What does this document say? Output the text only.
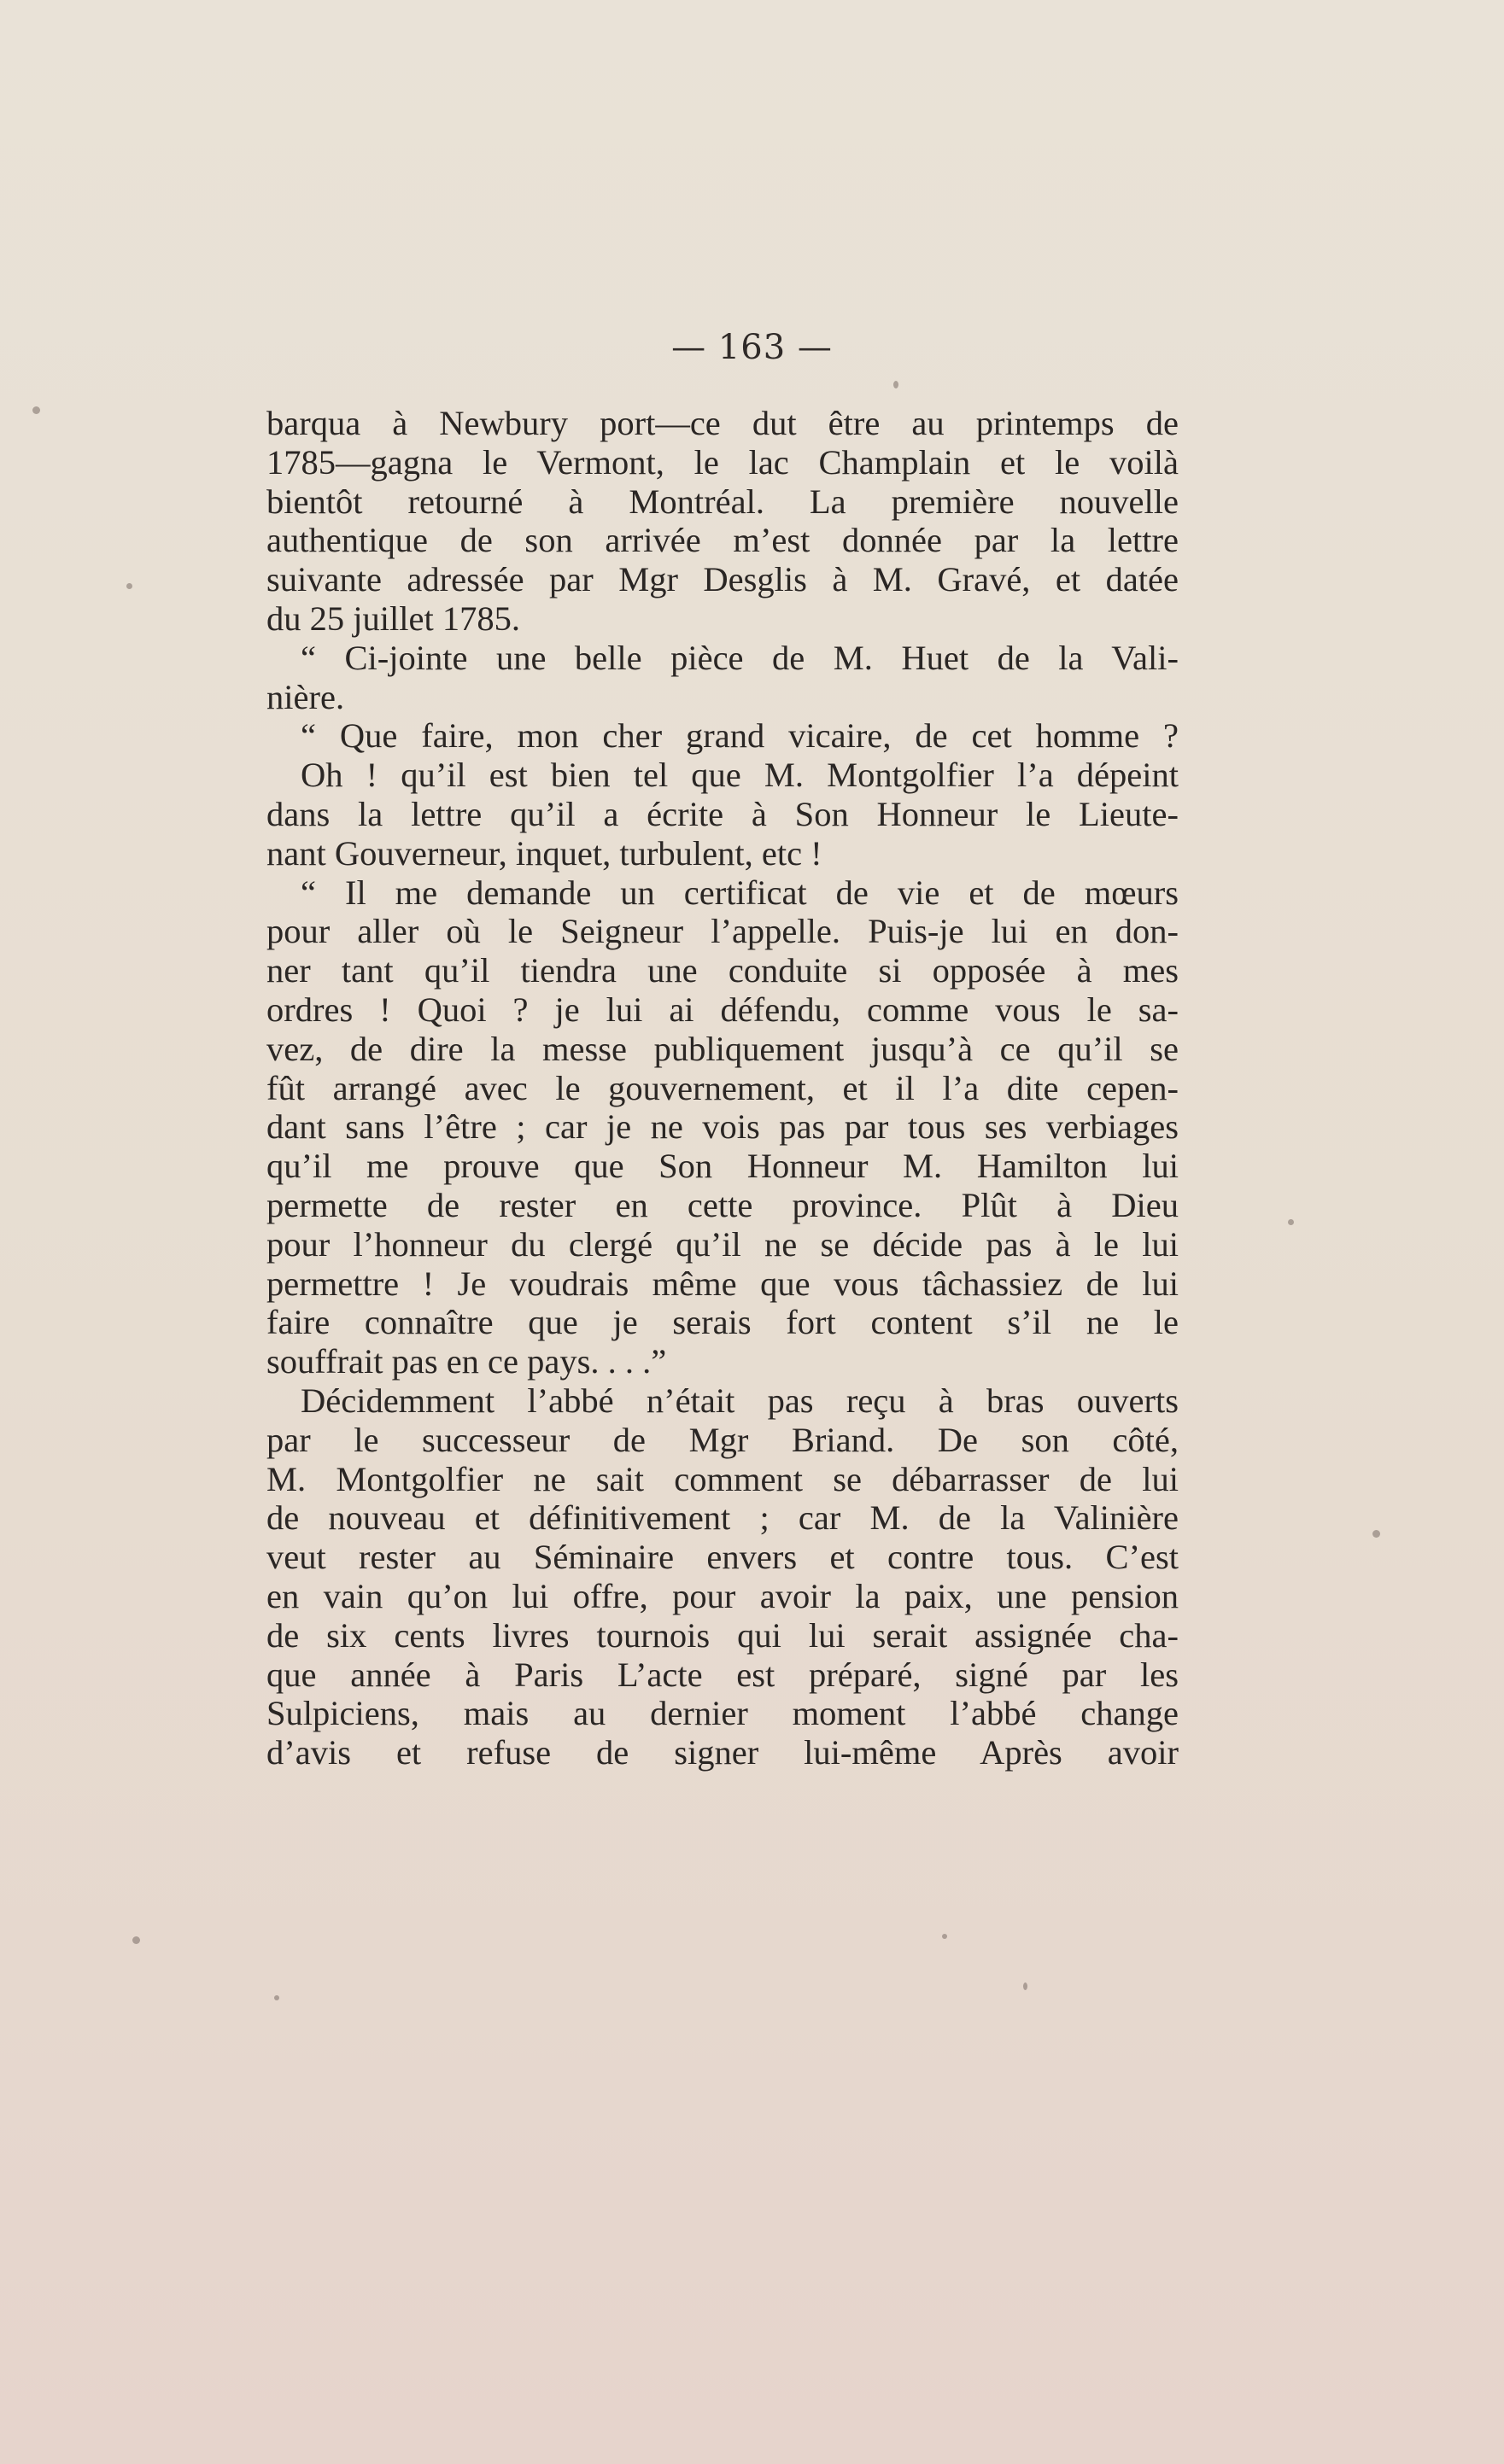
— 163 —
barqua à Newbury port—ce dut être au printemps de
1785—gagna le Vermont, le lac Champlain et le voilà
bientôt retourné à Montréal. La première nouvelle
authentique de son arrivée m’est donnée par la lettre
suivante adressée par Mgr Desglis à M. Gravé, et datée
du 25 juillet 1785.
“ Ci-jointe une belle pièce de M. Huet de la Vali-
nière.
“ Que faire, mon cher grand vicaire, de cet homme ?
Oh ! qu’il est bien tel que M. Montgolfier l’a dépeint
dans la lettre qu’il a écrite à Son Honneur le Lieute-
nant Gouverneur, inquet, turbulent, etc !
“ Il me demande un certificat de vie et de mœurs
pour aller où le Seigneur l’appelle. Puis-je lui en don-
ner tant qu’il tiendra une conduite si opposée à mes
ordres ! Quoi ? je lui ai défendu, comme vous le sa-
vez, de dire la messe publiquement jusqu’à ce qu’il se
fût arrangé avec le gouvernement, et il l’a dite cepen-
dant sans l’être ; car je ne vois pas par tous ses verbiages
qu’il me prouve que Son Honneur M. Hamilton lui
permette de rester en cette province. Plût à Dieu
pour l’honneur du clergé qu’il ne se décide pas à le lui
permettre ! Je voudrais même que vous tâchassiez de lui
faire connaître que je serais fort content s’il ne le
souffrait pas en ce pays. . . .”
Décidemment l’abbé n’était pas reçu à bras ouverts
par le successeur de Mgr Briand. De son côté,
M. Montgolfier ne sait comment se débarrasser de lui
de nouveau et définitivement ; car M. de la Valinière
veut rester au Séminaire envers et contre tous. C’est
en vain qu’on lui offre, pour avoir la paix, une pension
de six cents livres tournois qui lui serait assignée cha-
que année à Paris L’acte est préparé, signé par les
Sulpiciens, mais au dernier moment l’abbé change
d’avis et refuse de signer lui-même Après avoir
